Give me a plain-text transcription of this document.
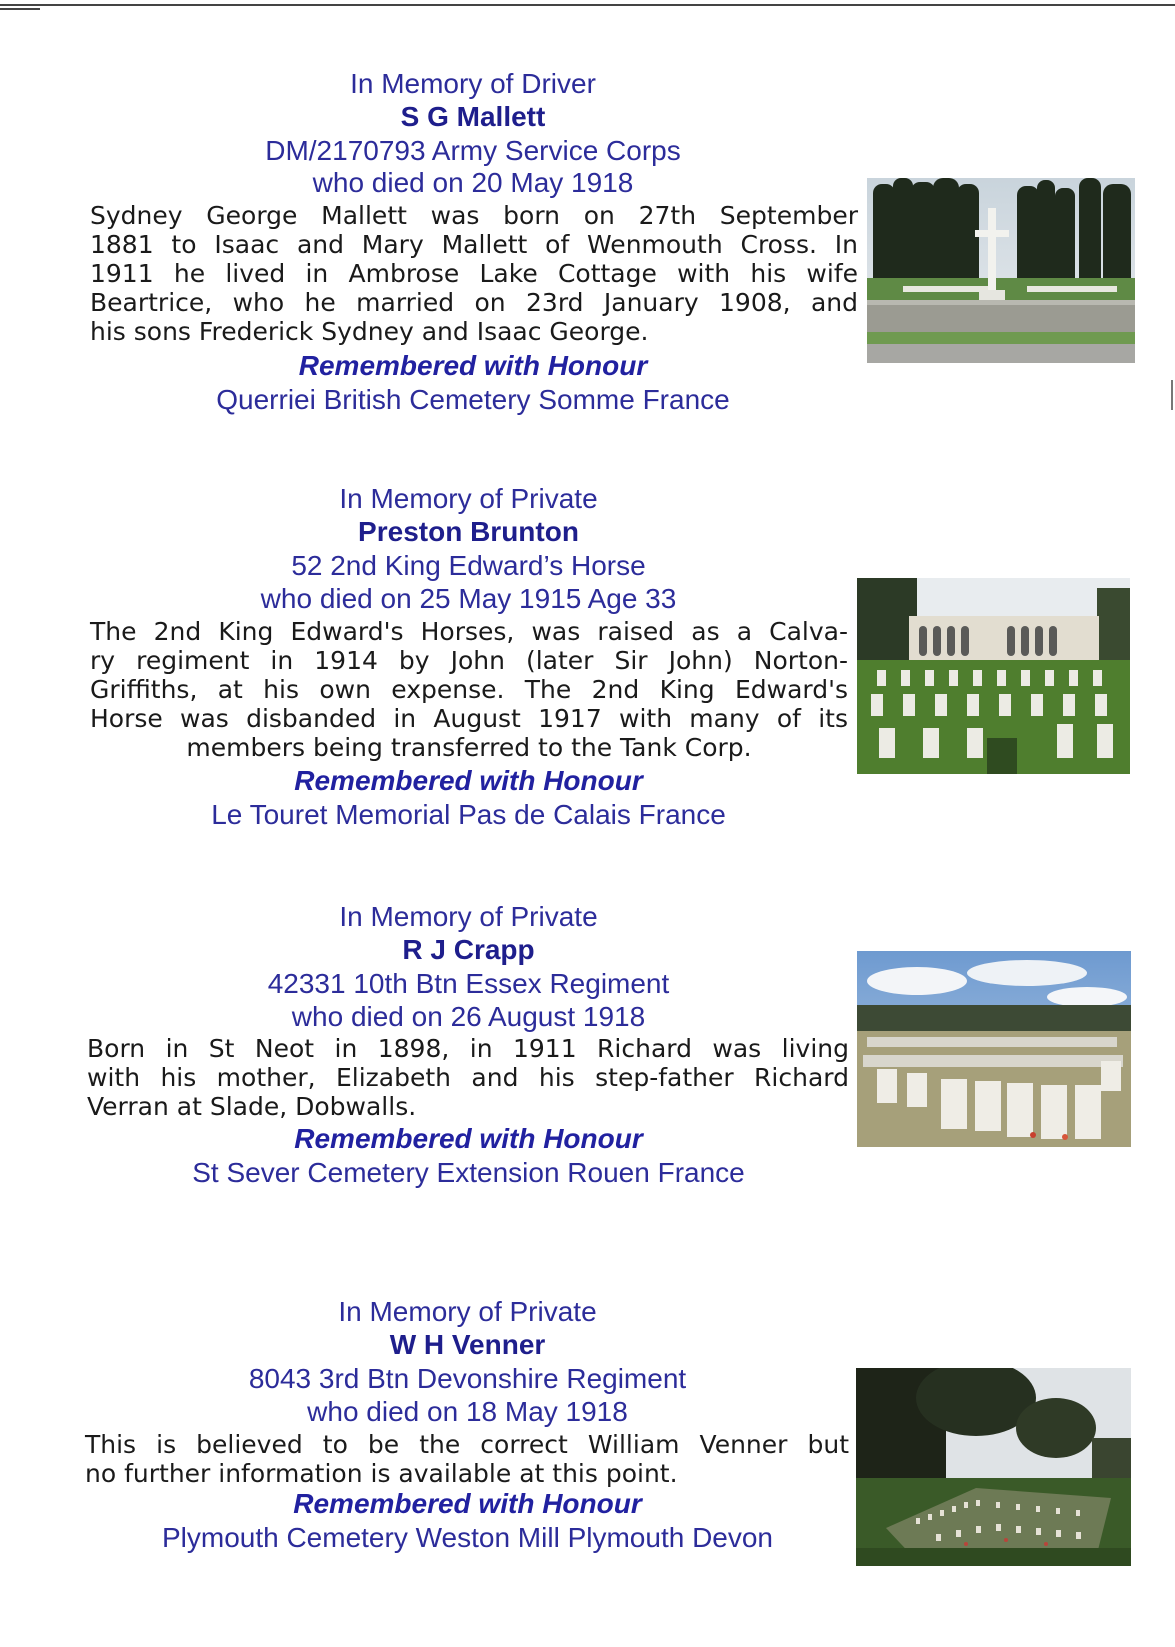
In Memory of Driver
S G Mallett
DM/2170793 Army Service Corps
who died on 20 May 1918
Sydney George Mallett was born on 27th September
1881 to Isaac and Mary Mallett of Wenmouth Cross. In
1911 he lived in Ambrose Lake Cottage with his wife
Beartrice, who he married on 23rd January 1908, and
his sons Frederick Sydney and Isaac George.
Remembered with Honour
Querriei British Cemetery Somme France
In Memory of Private
Preston Brunton
52 2nd King Edward’s Horse
who died on 25 May 1915 Age 33
The 2nd King Edward's Horses, was raised as a Calva-
ry regiment in 1914 by John (later Sir John) Norton-
Griffiths, at his own expense. The 2nd King Edward's
Horse was disbanded in August 1917 with many of its
members being transferred to the Tank Corp.
Remembered with Honour
Le Touret Memorial Pas de Calais France
In Memory of Private
R J Crapp
42331 10th Btn Essex Regiment
who died on 26 August 1918
Born in St Neot in 1898, in 1911 Richard was living
with his mother, Elizabeth and his step-father Richard
Verran at Slade, Dobwalls.
Remembered with Honour
St Sever Cemetery Extension Rouen France
In Memory of Private
W H Venner
8043 3rd Btn Devonshire Regiment
who died on 18 May 1918
This is believed to be the correct William Venner but
no further information is available at this point.
Remembered with Honour
Plymouth Cemetery Weston Mill Plymouth Devon
